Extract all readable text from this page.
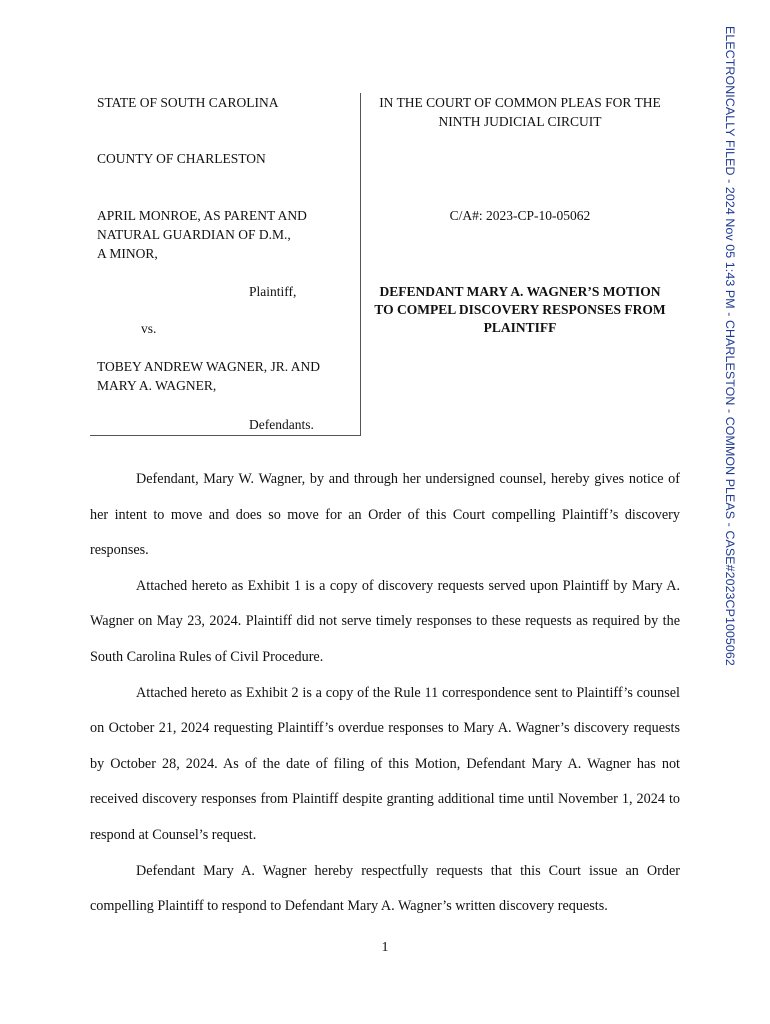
STATE OF SOUTH CAROLINA
COUNTY OF CHARLESTON
APRIL MONROE, AS PARENT AND
NATURAL GUARDIAN OF D.M.,
A MINOR,
Plaintiff,
vs.
TOBEY ANDREW WAGNER, JR. AND
MARY A. WAGNER,
Defendants.
IN THE COURT OF COMMON PLEAS FOR THE
NINTH JUDICIAL CIRCUIT
C/A#: 2023-CP-10-05062
DEFENDANT MARY A. WAGNER’S MOTION
TO COMPEL DISCOVERY RESPONSES FROM
PLAINTIFF

Defendant, Mary W. Wagner, by and through her undersigned counsel, hereby gives notice of her intent to move and does so move for an Order of this Court compelling Plaintiff’s discovery responses.

Attached hereto as Exhibit 1 is a copy of discovery requests served upon Plaintiff by Mary A. Wagner on May 23, 2024. Plaintiff did not serve timely responses to these requests as required by the South Carolina Rules of Civil Procedure.

Attached hereto as Exhibit 2 is a copy of the Rule 11 correspondence sent to Plaintiff’s counsel on October 21, 2024 requesting Plaintiff’s overdue responses to Mary A. Wagner’s discovery requests by October 28, 2024. As of the date of filing of this Motion, Defendant Mary A. Wagner has not received discovery responses from Plaintiff despite granting additional time until November 1, 2024 to respond at Counsel’s request.

Defendant Mary A. Wagner hereby respectfully requests that this Court issue an Order compelling Plaintiff to respond to Defendant Mary A. Wagner’s written discovery requests.

1
ELECTRONICALLY FILED - 2024 Nov 05 1:43 PM - CHARLESTON - COMMON PLEAS - CASE#2023CP1005062
